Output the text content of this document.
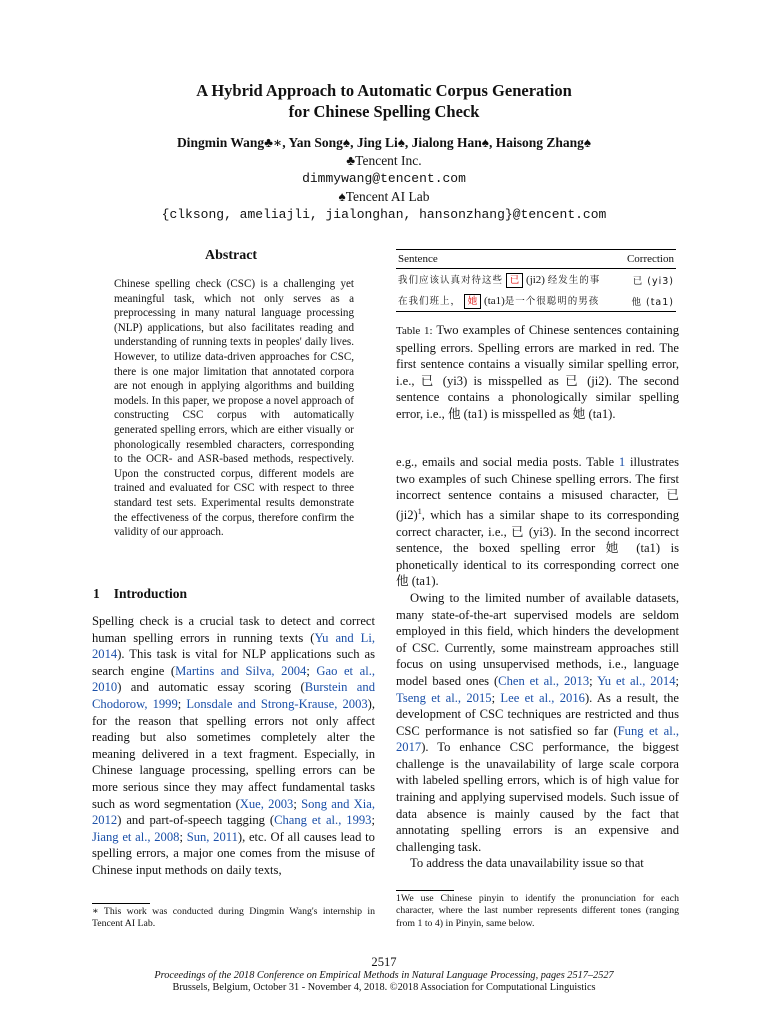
A Hybrid Approach to Automatic Corpus Generation
for Chinese Spelling Check
Dingmin Wang♣∗, Yan Song♠, Jing Li♠, Jialong Han♠, Haisong Zhang♠
♣Tencent Inc.
dimmywang@tencent.com
♠Tencent AI Lab
{clksong, ameliajli, jialonghan, hansonzhang}@tencent.com
Abstract
Chinese spelling check (CSC) is a challenging yet meaningful task, which not only serves as a preprocessing in many natural language processing (NLP) applications, but also facilitates reading and understanding of running texts in peoples' daily lives. However, to utilize data-driven approaches for CSC, there is one major limitation that annotated corpora are not enough in applying algorithms and building models. In this paper, we propose a novel approach of constructing CSC corpus with automatically generated spelling errors, which are either visually or phonologically resembled characters, corresponding to the OCR- and ASR-based methods, respectively. Upon the constructed corpus, different models are trained and evaluated for CSC with respect to three standard test sets. Experimental results demonstrate the effectiveness of the corpus, therefore confirm the validity of our approach.
1 Introduction

Spelling check is a crucial task to detect and correct human spelling errors in running texts (Yu and Li, 2014). This task is vital for NLP applications such as search engine (Martins and Silva, 2004; Gao et al., 2010) and automatic essay scoring (Burstein and Chodorow, 1999; Lonsdale and Strong-Krause, 2003), for the reason that spelling errors not only affect reading but also sometimes completely alter the meaning delivered in a text fragment. Especially, in Chinese language processing, spelling errors can be more serious since they may affect fundamental tasks such as word segmentation (Xue, 2003; Song and Xia, 2012) and part-of-speech tagging (Chang et al., 1993; Jiang et al., 2008; Sun, 2011), etc. Of all causes lead to spelling errors, a major one comes from the misuse of Chinese input methods on daily texts,

∗ This work was conducted during Dingmin Wang's internship in Tencent AI Lab.
Sentence	Correction
我们应该认真对待这些 已 (ji2) 经发生的事	已 (yi3)
在我们班上， 她 (ta1)是一个很聪明的男孩	他 (ta1)
Table 1: Two examples of Chinese sentences containing spelling errors. Spelling errors are marked in red. The first sentence contains a visually similar spelling error, i.e., 已 (yi3) is misspelled as 已 (ji2). The second sentence contains a phonologically similar spelling error, i.e., 他 (ta1) is misspelled as 她 (ta1).

e.g., emails and social media posts. Table 1 illustrates two examples of such Chinese spelling errors. The first incorrect sentence contains a misused character, 已 $(ji2)^1$, which has a similar shape to its corresponding correct character, i.e., 已 (yi3). In the second incorrect sentence, the boxed spelling error 她 (ta1) is phonetically identical to its corresponding correct one 他 (ta1).

Owing to the limited number of available datasets, many state-of-the-art supervised models are seldom employed in this field, which hinders the development of CSC. Currently, some mainstream approaches still focus on using unsupervised methods, i.e., language model based ones (Chen et al., 2013; Yu et al., 2014; Tseng et al., 2015; Lee et al., 2016). As a result, the development of CSC techniques are restricted and thus CSC performance is not satisfied so far (Fung et al., 2017). To enhance CSC performance, the biggest challenge is the unavailability of large scale corpora with labeled spelling errors, which is of high value for training and applying supervised models. Such issue of data absence is mainly caused by the fact that annotating spelling errors is an expensive and challenging task.

To address the data unavailability issue so that

1We use Chinese pinyin to identify the pronunciation for each character, where the last number represents different tones (ranging from 1 to 4) in Pinyin, same below.
2517
Proceedings of the 2018 Conference on Empirical Methods in Natural Language Processing, pages 2517–2527
Brussels, Belgium, October 31 - November 4, 2018. ©2018 Association for Computational Linguistics
